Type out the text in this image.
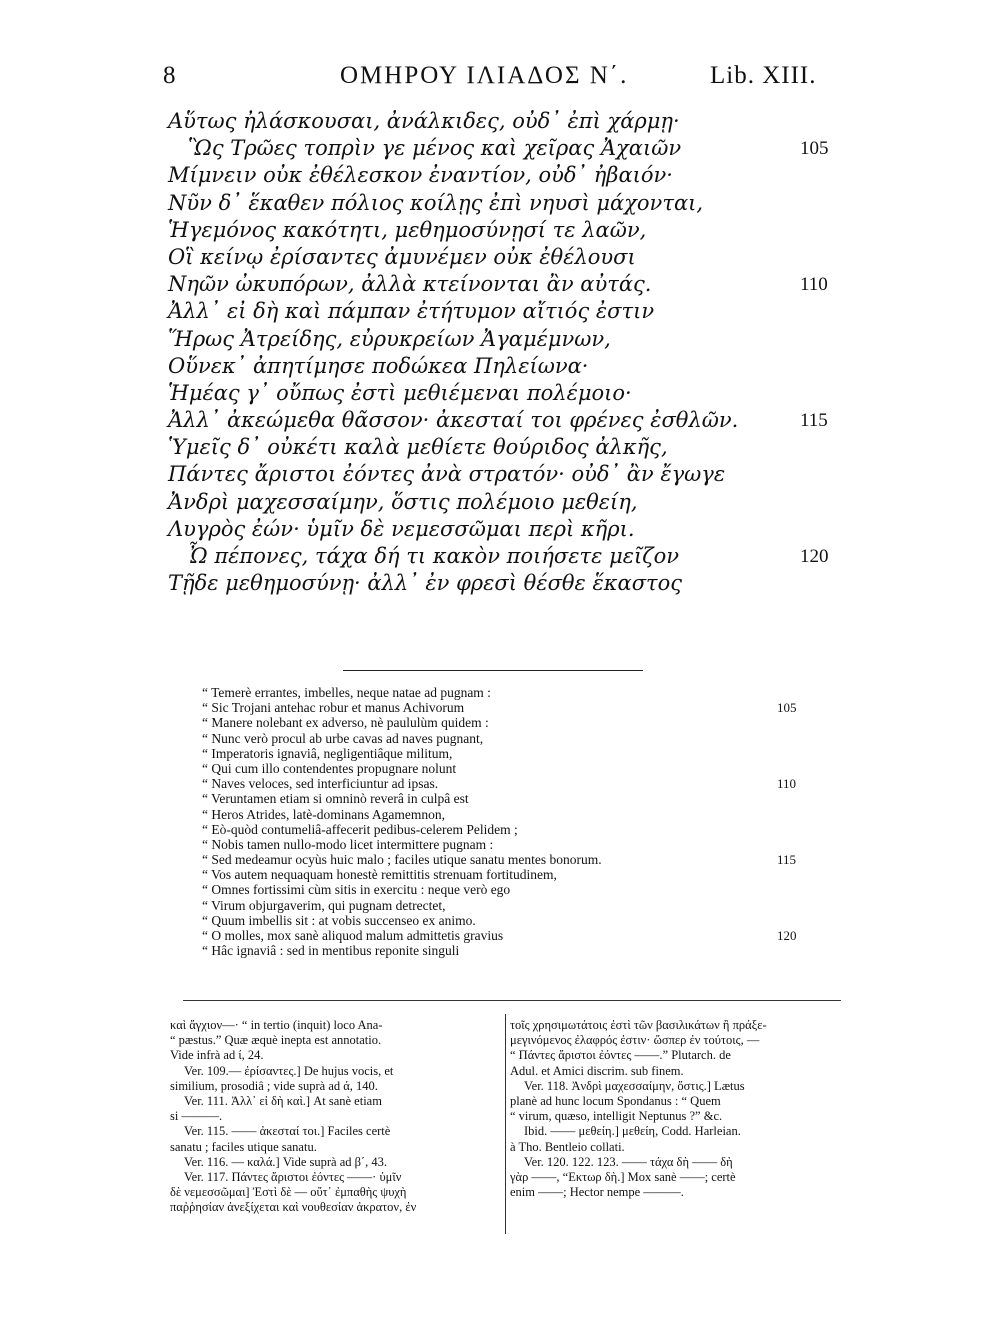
8	ΟΜΗΡΟΥ ΙΛΙΑΔΟΣ Ν΄.	Lib. XIII.
Αὕτως ἠλάσκουσαι, ἀνάλκιδες, οὐδ᾽ ἐπὶ χάρμῃ·
Ὣς Τρῶες τοπρὶν γε μένος καὶ χεῖρας Ἀχαιῶν	105
Μίμνειν οὐκ ἐθέλεσκον ἐναντίον, οὐδ᾽ ἠβαιόν·
Νῦν δ᾽ ἕκαθεν πόλιος κοίλῃς ἐπὶ νηυσὶ μάχονται,
Ἡγεμόνος κακότητι, μεθημοσύνῃσί τε λαῶν,
Οἳ κείνῳ ἐρίσαντες ἀμυνέμεν οὐκ ἐθέλουσι
Νηῶν ὠκυπόρων, ἀλλὰ κτείνονται ἂν αὐτάς.	110
Ἀλλ᾽ εἰ δὴ καὶ πάμπαν ἐτήτυμον αἴτιός ἐστιν
Ἥρως Ἀτρείδης, εὐρυκρείων Ἀγαμέμνων,
Οὕνεκ᾽ ἀπητίμησε ποδώκεα Πηλείωνα·
Ἡμέας γ᾽ οὔπως ἐστὶ μεθιέμεναι πολέμοιο·
Ἀλλ᾽ ἀκεώμεθα θᾶσσον· ἀκεσταί τοι φρένες ἐσθλῶν.	115
Ὑμεῖς δ᾽ οὐκέτι καλὰ μεθίετε θούριδος ἀλκῆς,
Πάντες ἄριστοι ἐόντες ἀνὰ στρατόν· οὐδ᾽ ἂν ἔγωγε
Ἀνδρὶ μαχεσσαίμην, ὅστις πολέμοιο μεθείη,
Λυγρὸς ἐών· ὑμῖν δὲ νεμεσσῶμαι περὶ κῆρι.
Ὦ πέπονες, τάχα δή τι κακὸν ποιήσετε μεῖζον	120
Τῇδε μεθημοσύνῃ· ἀλλ᾽ ἐν φρεσὶ θέσθε ἕκαστος
“ Temerè errantes, imbelles, neque natae ad pugnam :
“ Sic Trojani antehac robur et manus Achivorum	105
“ Manere nolebant ex adverso, nè paululùm quidem :
“ Nunc verò procul ab urbe cavas ad naves pugnant,
“ Imperatoris ignaviâ, negligentiâque militum,
“ Qui cum illo contendentes propugnare nolunt
“ Naves veloces, sed interficiuntur ad ipsas.	110
“ Veruntamen etiam si omninò reverâ in culpâ est
“ Heros Atrides, latè-dominans Agamemnon,
“ Eò-quòd contumeliâ-affecerit pedibus-celerem Pelidem ;
“ Nobis tamen nullo-modo licet intermittere pugnam :
“ Sed medeamur ocyùs huic malo ; faciles utique sanatu mentes bonorum.	115
“ Vos autem nequaquam honestè remittitis strenuam fortitudinem,
“ Omnes fortissimi cùm sitis in exercitu : neque verò ego
“ Virum objurgaverim, qui pugnam detrectet,
“ Quum imbellis sit : at vobis succenseo ex animo.
“ O molles, mox sanè aliquod malum admittetis gravius	120
“ Hâc ignaviâ : sed in mentibus reponite singuli
καὶ ἄγχιον—· “ in tertio (inquit) loco Ana-
“ pæstus.” Quæ æquè inepta est annotatio.
Vide infrà ad ί, 24.
Ver. 109.— ἐρίσαντες.] De hujus vocis, et
similium, prosodiâ ; vide suprà ad ά, 140.
Ver. 111. Ἀλλ᾽ εἰ δὴ καὶ.] At sanè etiam
si ———.
Ver. 115. —— ἀκεσταί τοι.] Faciles certè
sanatu ; faciles utique sanatu.
Ver. 116. — καλά.] Vide suprà ad β΄, 43.
Ver. 117. Πάντες ἄριστοι ἐόντες ——· ὑμῖν
δὲ νεμεσσῶμαι] Ἐστὶ δὲ — οὔτ᾽ ἐμπαθὴς ψυχὴ
παῤῥησίαν ἀνεξίχεται καὶ νουθεσίαν ἀκρατον, ἐν
τοῖς χρησιμωτάτοις ἐστὶ τῶν βασιλικάτων ἢ πράξε-
μεγινόμενος ἐλαφρός ἐστιν· ὥσπερ ἐν τούτοις, —
“ Πάντες ἄριστοι ἐόντες ——.” Plutarch. de
Adul. et Amici discrim. sub finem.
Ver. 118. Ἀνδρὶ μαχεσσαίμην, ὅστις.] Lætus
planè ad hunc locum Spondanus : “ Quem
“ virum, quæso, intelligit Neptunus ?” &c.
Ibid. —— μεθείη.] μεθείη, Codd. Harleian.
à Tho. Bentleio collati.
Ver. 120. 122. 123. —— τάχα δὴ —— δὴ
γὰρ ——, “Εκτωρ δὴ.] Mox sanè ——; certè
enim ——; Hector nempe ———.
